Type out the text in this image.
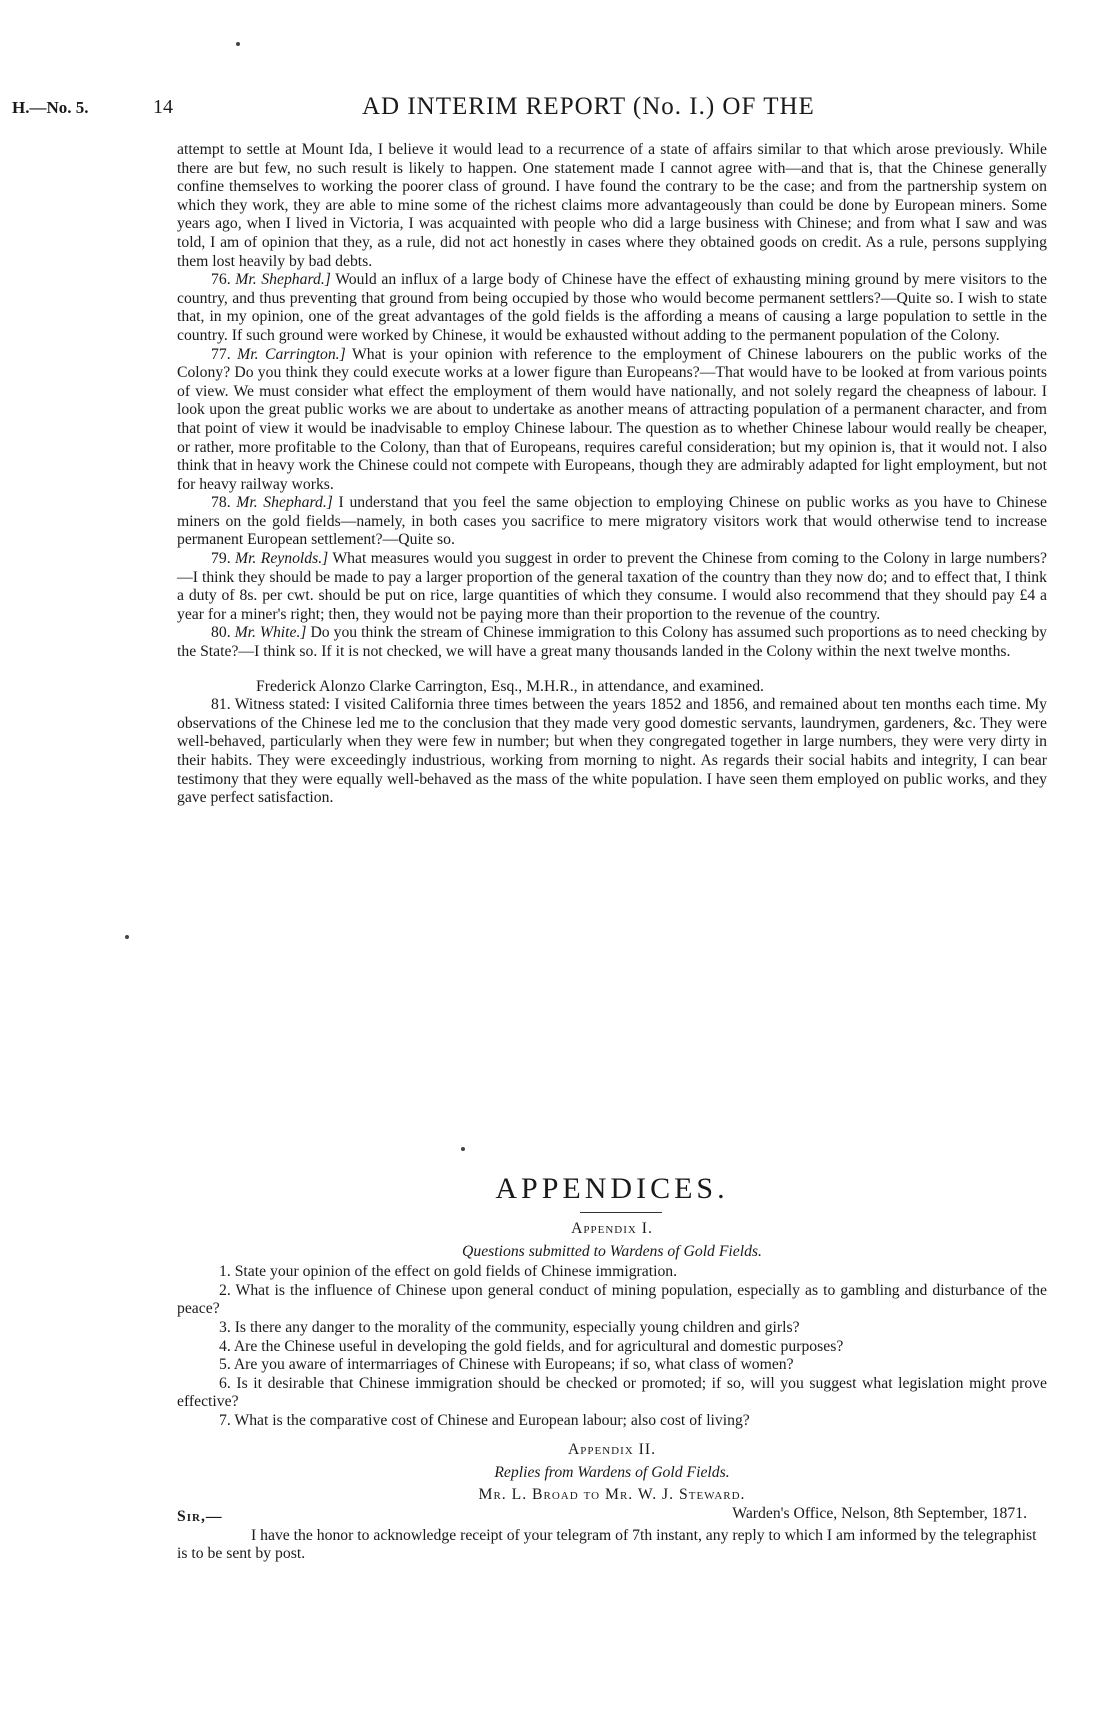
H.—No. 5.	14	AD INTERIM REPORT (No. I.) OF THE

attempt to settle at Mount Ida, I believe it would lead to a recurrence of a state of affairs similar to that which arose previously. While there are but few, no such result is likely to happen. One statement made I cannot agree with—and that is, that the Chinese generally confine themselves to working the poorer class of ground. I have found the contrary to be the case; and from the partnership system on which they work, they are able to mine some of the richest claims more advantageously than could be done by European miners. Some years ago, when I lived in Victoria, I was acquainted with people who did a large business with Chinese; and from what I saw and was told, I am of opinion that they, as a rule, did not act honestly in cases where they obtained goods on credit. As a rule, persons supplying them lost heavily by bad debts.

76. Mr. Shephard.] Would an influx of a large body of Chinese have the effect of exhausting mining ground by mere visitors to the country, and thus preventing that ground from being occupied by those who would become permanent settlers?—Quite so. I wish to state that, in my opinion, one of the great advantages of the gold fields is the affording a means of causing a large population to settle in the country. If such ground were worked by Chinese, it would be exhausted without adding to the permanent population of the Colony.

77. Mr. Carrington.] What is your opinion with reference to the employment of Chinese labourers on the public works of the Colony? Do you think they could execute works at a lower figure than Europeans?—That would have to be looked at from various points of view. We must consider what effect the employment of them would have nationally, and not solely regard the cheapness of labour. I look upon the great public works we are about to undertake as another means of attracting population of a permanent character, and from that point of view it would be inadvisable to employ Chinese labour. The question as to whether Chinese labour would really be cheaper, or rather, more profitable to the Colony, than that of Europeans, requires careful consideration; but my opinion is, that it would not. I also think that in heavy work the Chinese could not compete with Europeans, though they are admirably adapted for light employment, but not for heavy railway works.

78. Mr. Shephard.] I understand that you feel the same objection to employing Chinese on public works as you have to Chinese miners on the gold fields—namely, in both cases you sacrifice to mere migratory visitors work that would otherwise tend to increase permanent European settlement?—Quite so.

79. Mr. Reynolds.] What measures would you suggest in order to prevent the Chinese from coming to the Colony in large numbers?—I think they should be made to pay a larger proportion of the general taxation of the country than they now do; and to effect that, I think a duty of 8s. per cwt. should be put on rice, large quantities of which they consume. I would also recommend that they should pay £4 a year for a miner's right; then, they would not be paying more than their proportion to the revenue of the country.

80. Mr. White.] Do you think the stream of Chinese immigration to this Colony has assumed such proportions as to need checking by the State?—I think so. If it is not checked, we will have a great many thousands landed in the Colony within the next twelve months.

Frederick Alonzo Clarke Carrington, Esq., M.H.R., in attendance, and examined.

81. Witness stated: I visited California three times between the years 1852 and 1856, and remained about ten months each time. My observations of the Chinese led me to the conclusion that they made very good domestic servants, laundrymen, gardeners, &c. They were well-behaved, particularly when they were few in number; but when they congregated together in large numbers, they were very dirty in their habits. They were exceedingly industrious, working from morning to night. As regards their social habits and integrity, I can bear testimony that they were equally well-behaved as the mass of the white population. I have seen them employed on public works, and they gave perfect satisfaction.

APPENDICES.

Appendix I.

Questions submitted to Wardens of Gold Fields.

1. State your opinion of the effect on gold fields of Chinese immigration.

2. What is the influence of Chinese upon general conduct of mining population, especially as to gambling and disturbance of the peace?

3. Is there any danger to the morality of the community, especially young children and girls?

4. Are the Chinese useful in developing the gold fields, and for agricultural and domestic purposes?

5. Are you aware of intermarriages of Chinese with Europeans; if so, what class of women?

6. Is it desirable that Chinese immigration should be checked or promoted; if so, will you suggest what legislation might prove effective?

7. What is the comparative cost of Chinese and European labour; also cost of living?

Appendix II.

Replies from Wardens of Gold Fields.

Mr. L. Broad to Mr. W. J. Steward.

Sir,—	Warden's Office, Nelson, 8th September, 1871.

I have the honor to acknowledge receipt of your telegram of 7th instant, any reply to which I am informed by the telegraphist is to be sent by post.
